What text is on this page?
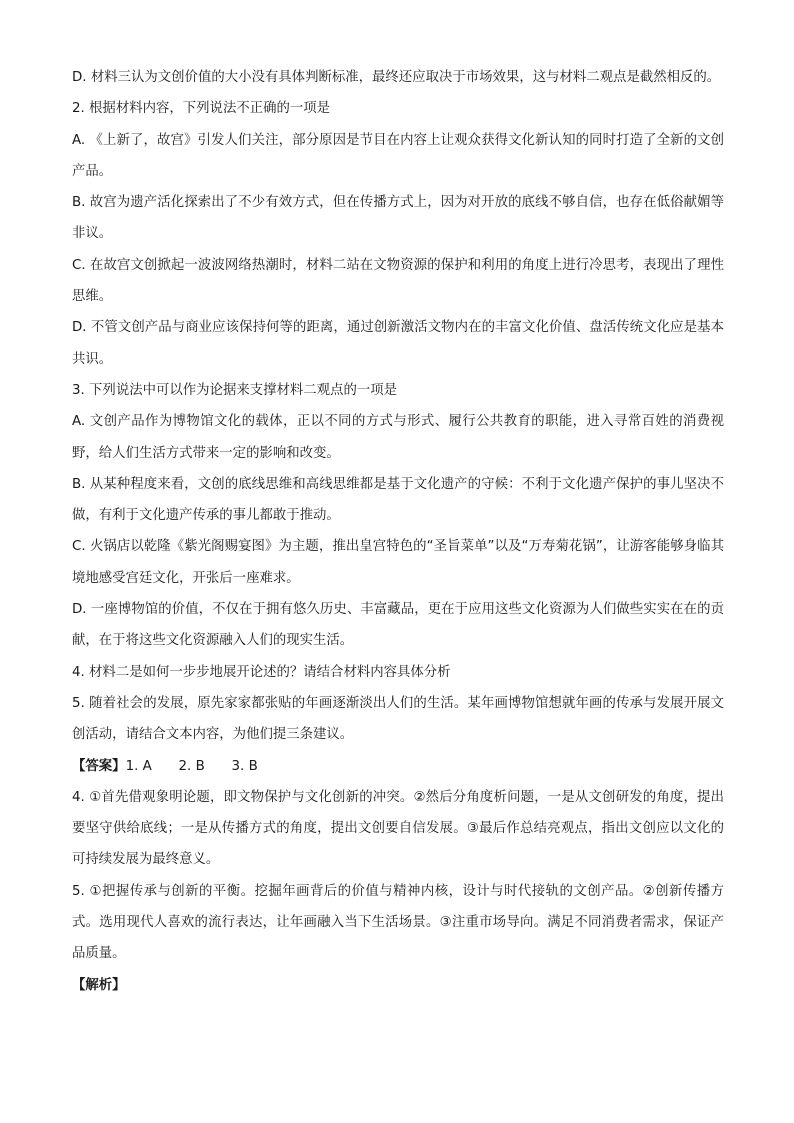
D. 材料三认为文创价值的大小没有具体判断标准，最终还应取决于市场效果，这与材料二观点是截然相反的。

2. 根据材料内容，下列说法不正确的一项是

A. 《上新了，故宫》引发人们关注，部分原因是节目在内容上让观众获得文化新认知的同时打造了全新的文创产品。

B. 故宫为遗产活化探索出了不少有效方式，但在传播方式上，因为对开放的底线不够自信，也存在低俗献媚等非议。

C. 在故宫文创掀起一波波网络热潮时，材料二站在文物资源的保护和利用的角度上进行冷思考，表现出了理性思维。

D. 不管文创产品与商业应该保持何等的距离，通过创新激活文物内在的丰富文化价值、盘活传统文化应是基本共识。

3. 下列说法中可以作为论据来支撑材料二观点的一项是

A. 文创产品作为博物馆文化的载体，正以不同的方式与形式、履行公共教育的职能，进入寻常百姓的消费视野，给人们生活方式带来一定的影响和改变。

B. 从某种程度来看，文创的底线思维和高线思维都是基于文化遗产的守候：不利于文化遗产保护的事儿坚决不做，有利于文化遗产传承的事儿都敢于推动。

C. 火锅店以乾隆《紫光阁赐宴图》为主题，推出皇宫特色的“圣旨菜单”以及“万寿菊花锅”，让游客能够身临其境地感受宫廷文化，开张后一座难求。

D. 一座博物馆的价值，不仅在于拥有悠久历史、丰富藏品，更在于应用这些文化资源为人们做些实实在在的贡献，在于将这些文化资源融入人们的现实生活。

4. 材料二是如何一步步地展开论述的？请结合材料内容具体分析

5. 随着社会的发展，原先家家都张贴的年画逐渐淡出人们的生活。某年画博物馆想就年画的传承与发展开展文创活动，请结合文本内容，为他们提三条建议。

【答案】1. A　　2. B　　3. B

4. ①首先借观象明论题，即文物保护与文化创新的冲突。②然后分角度析问题，一是从文创研发的角度，提出要坚守供给底线；一是从传播方式的角度，提出文创要自信发展。③最后作总结亮观点，指出文创应以文化的可持续发展为最终意义。

5. ①把握传承与创新的平衡。挖掘年画背后的价值与精神内核，设计与时代接轨的文创产品。②创新传播方式。选用现代人喜欢的流行表达，让年画融入当下生活场景。③注重市场导向。满足不同消费者需求，保证产品质量。

【解析】
